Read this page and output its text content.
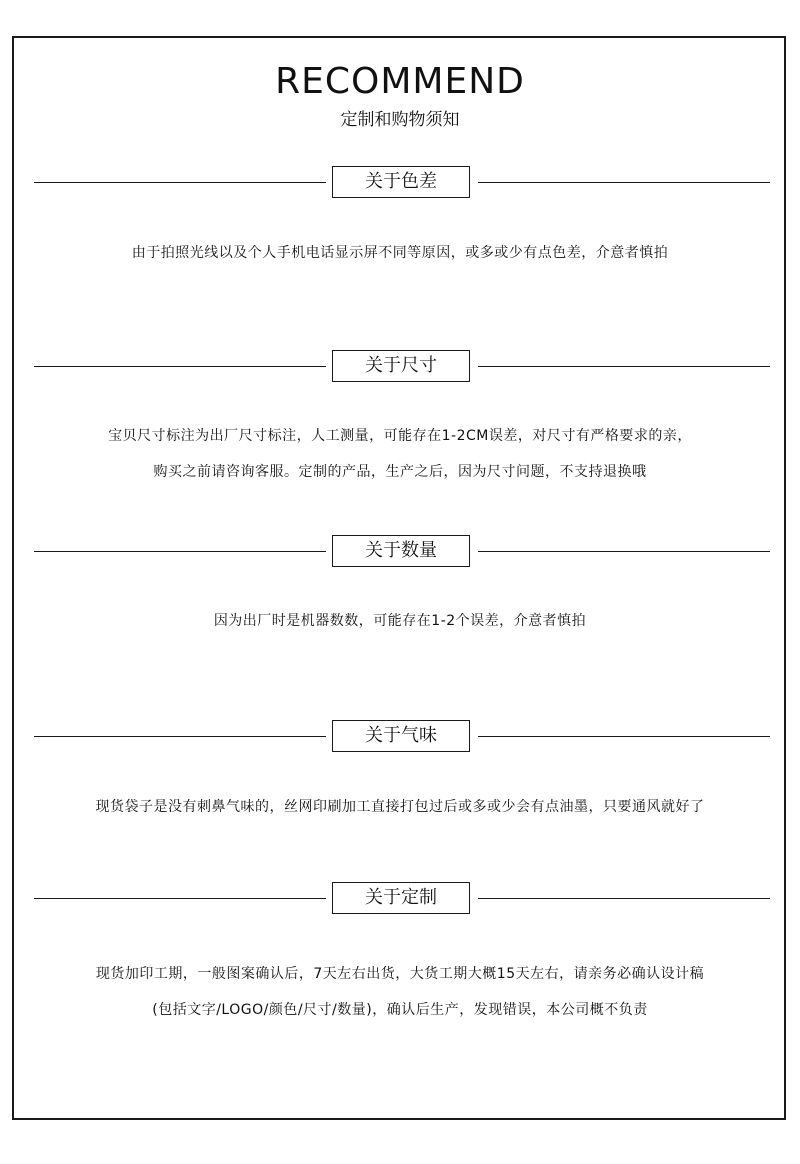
RECOMMEND
定制和购物须知
关于色差
由于拍照光线以及个人手机电话显示屏不同等原因，或多或少有点色差，介意者慎拍
关于尺寸
宝贝尺寸标注为出厂尺寸标注，人工测量，可能存在1-2CM误差，对尺寸有严格要求的亲，
购买之前请咨询客服。定制的产品，生产之后，因为尺寸问题，不支持退换哦
关于数量
因为出厂时是机器数数，可能存在1-2个误差，介意者慎拍
关于气味
现货袋子是没有刺鼻气味的，丝网印刷加工直接打包过后或多或少会有点油墨，只要通风就好了
关于定制
现货加印工期，一般图案确认后，7天左右出货，大货工期大概15天左右，请亲务必确认设计稿
(包括文字/LOGO/颜色/尺寸/数量)，确认后生产，发现错误，本公司概不负责
